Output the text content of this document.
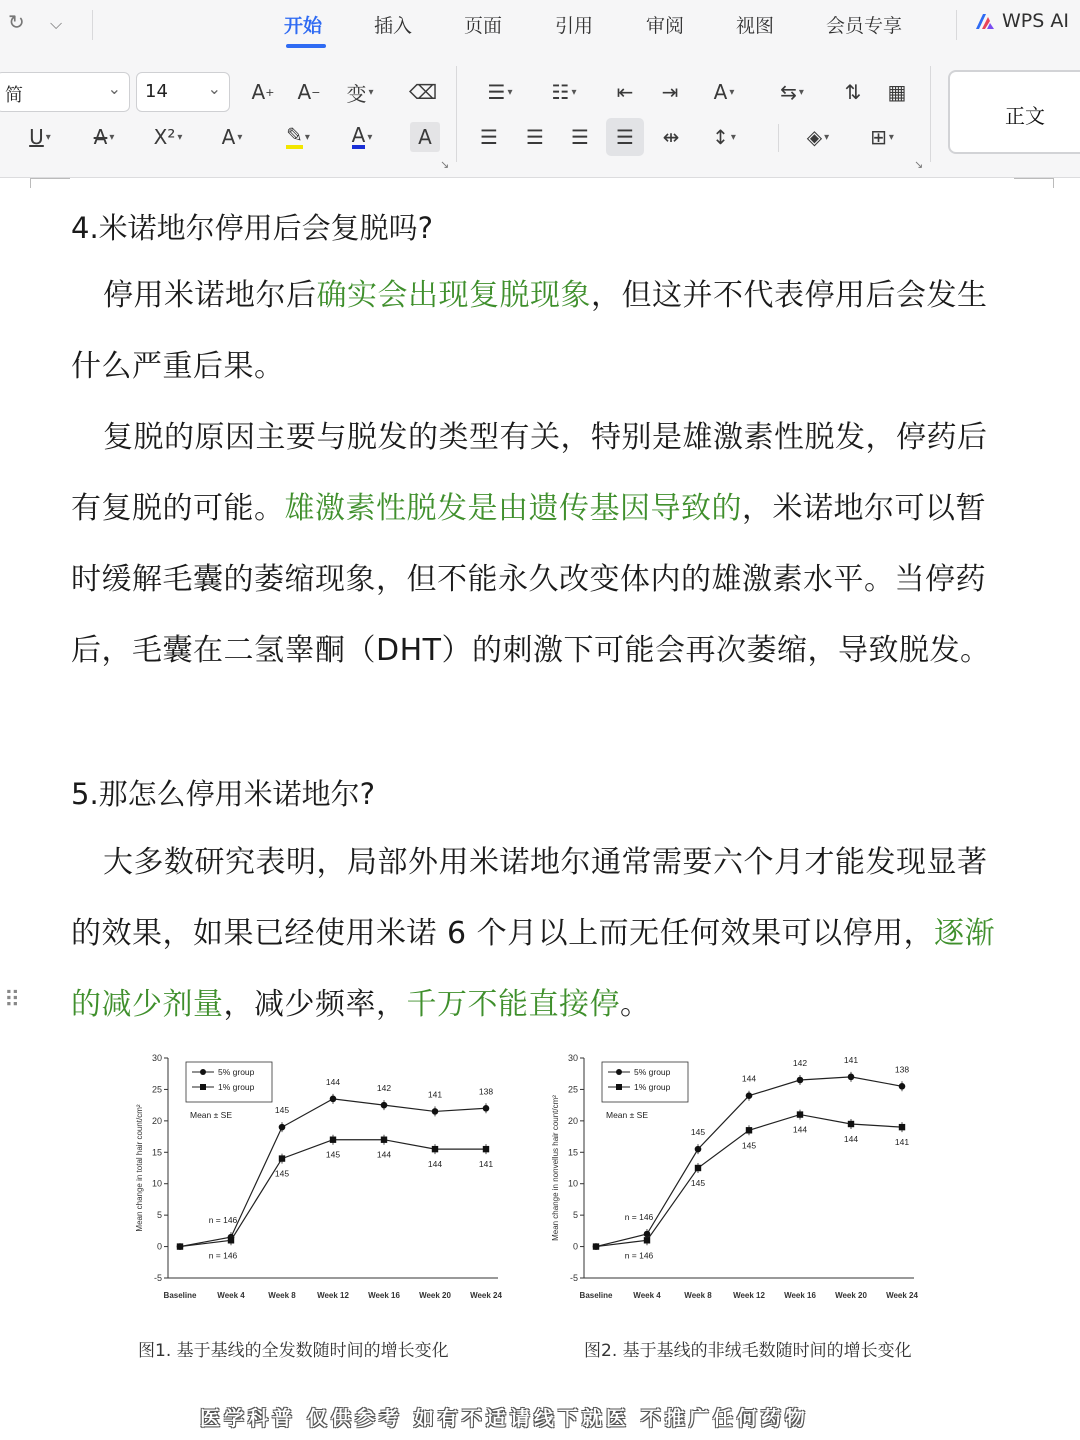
↻ ⌵	开始	插入	页面	引用	审阅	视图	会员专享	WPS AI
简	⌄	14 ⌄ A + A −	变 ▾ ⌫	☰ ▾	☷ ▾	⇤	⇥	A ▾	⇆ ▾	⇅	▦
U ▾ A ▾	X² ▾	A ▾ ✎ ▾ A ▾	A
↘
☰	☰	☰	☰	⇹	↕ ▾	◈ ▾	⊞ ▾
↘
正文
4.米诺地尔停用后会复脱吗?
停用米诺地尔后确实会出现复脱现象，但这并不代表停用后会发生
什么严重后果。
复脱的原因主要与脱发的类型有关，特别是雄激素性脱发，停药后
有复脱的可能。雄激素性脱发是由遗传基因导致的，米诺地尔可以暂
时缓解毛囊的萎缩现象，但不能永久改变体内的雄激素水平。当停药
后，毛囊在二氢睾酮（DHT）的刺激下可能会再次萎缩，导致脱发。
5.那怎么停用米诺地尔?
大多数研究表明，局部外用米诺地尔通常需要六个月才能发现显著
的效果，如果已经使用米诺 6 个月以上而无任何效果可以停用，逐渐
的减少剂量，减少频率，千万不能直接停。
⠿
-5
0
5
10
15
20
25
30
Baseline	Week 4	Week 8	Week 12 Week 16 Week 20 Week 24
Mean change in total hair count/cm²	n = 146
n = 146
145
144
142
141	138
145
145	144
144	141
5% group
1% group
Mean ± SE
图1. 基于基线的全发数随时间的增长变化
-5
0
5
10
15
20
25
30
Baseline	Week 4	Week 8	Week 12 Week 16 Week 20 Week 24
Mean change in nonvellus hair count/cm²	n = 146
n = 146
145
144
142	141
138
145
145
144
144	141
5% group
1% group
Mean ± SE
图2. 基于基线的非绒毛数随时间的增长变化
医学科普 仅供参考 如有不适请线下就医 不推广任何药物
